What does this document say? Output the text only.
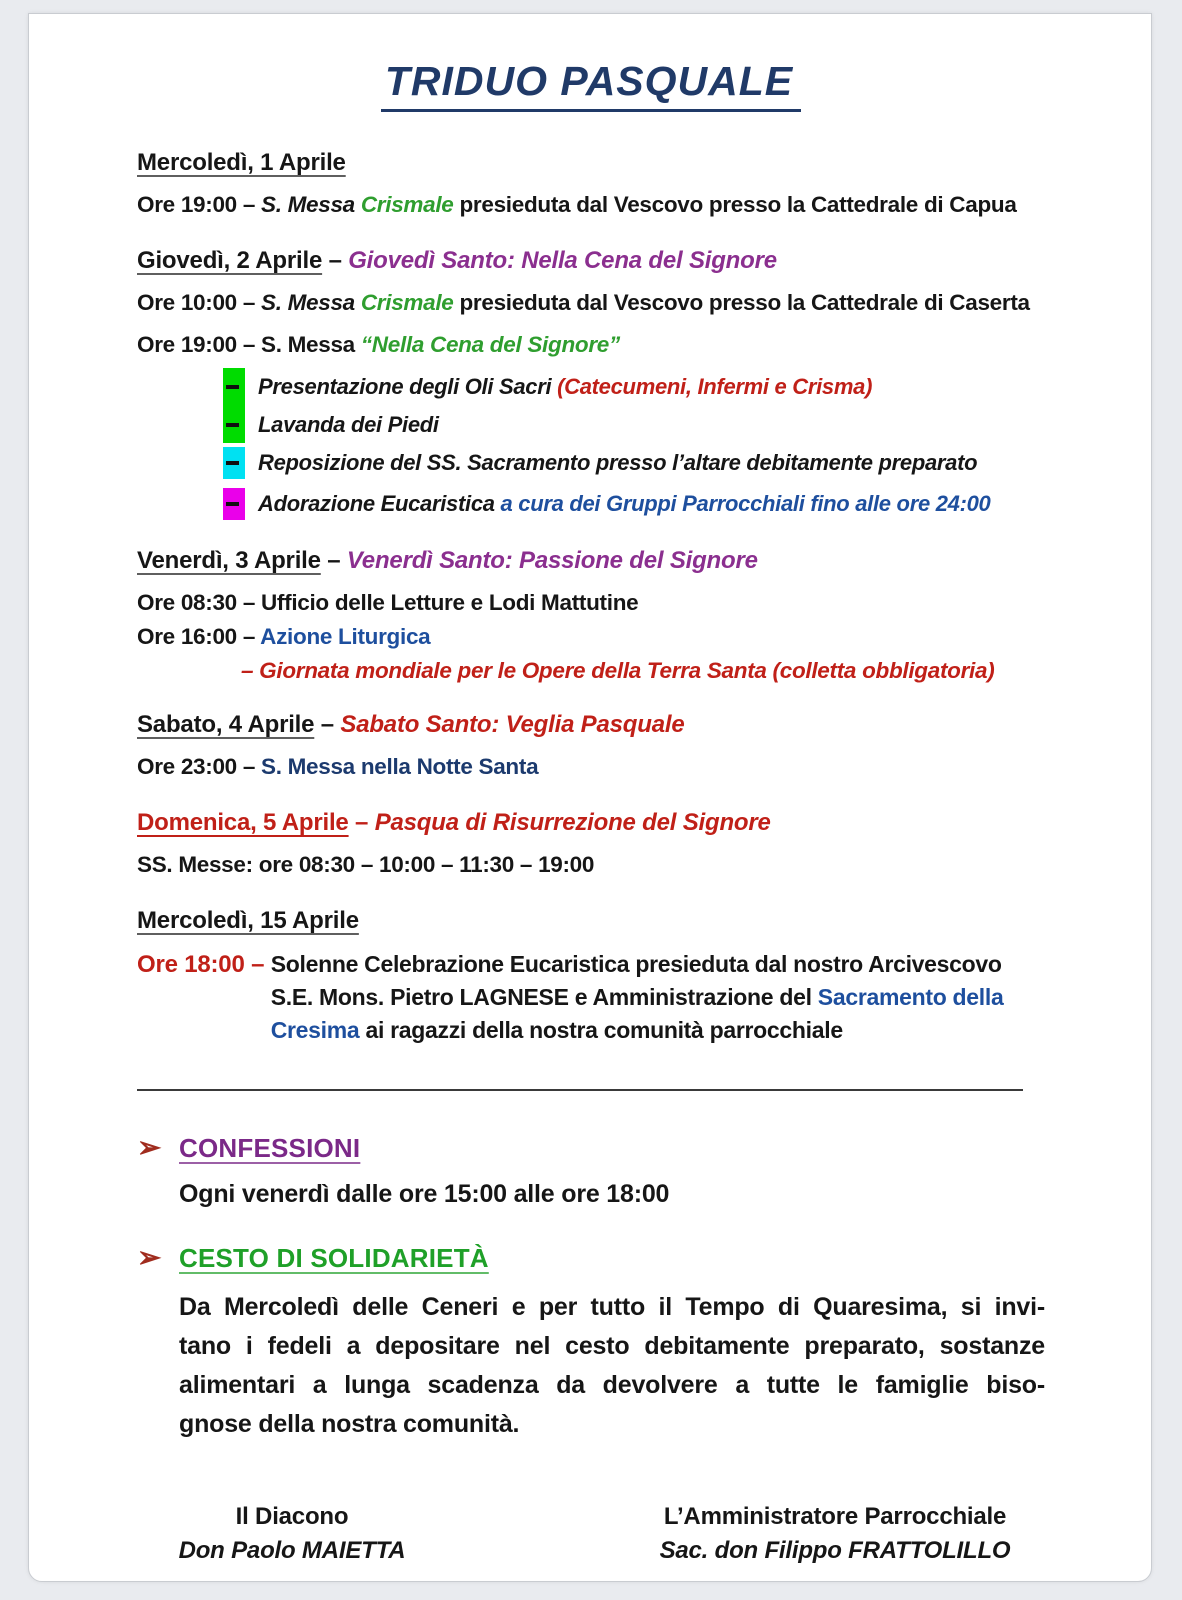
TRIDUO PASQUALE
Mercoledì, 1 Aprile
Ore 19:00 – S. Messa Crismale presieduta dal Vescovo presso la Cattedrale di Capua
Giovedì, 2 Aprile – Giovedì Santo: Nella Cena del Signore
Ore 10:00 – S. Messa Crismale presieduta dal Vescovo presso la Cattedrale di Caserta
Ore 19:00 – S. Messa “Nella Cena del Signore”
Presentazione degli Oli Sacri (Catecumeni, Infermi e Crisma)
Lavanda dei Piedi
Reposizione del SS. Sacramento presso l’altare debitamente preparato
Adorazione Eucaristica a cura dei Gruppi Parrocchiali fino alle ore 24:00
Venerdì, 3 Aprile – Venerdì Santo: Passione del Signore
Ore 08:30 – Ufficio delle Letture e Lodi Mattutine
Ore 16:00 – Azione Liturgica
– Giornata mondiale per le Opere della Terra Santa (colletta obbligatoria)
Sabato, 4 Aprile – Sabato Santo: Veglia Pasquale
Ore 23:00 – S. Messa nella Notte Santa
Domenica, 5 Aprile – Pasqua di Risurrezione del Signore
SS. Messe: ore 08:30 – 10:00 – 11:30 – 19:00
Mercoledì, 15 Aprile
Ore 18:00 – Solenne Celebrazione Eucaristica presieduta dal nostro Arcivescovo
S.E. Mons. Pietro LAGNESE e Amministrazione del Sacramento della
Cresima ai ragazzi della nostra comunità parrocchiale
➢ CONFESSIONI
Ogni venerdì dalle ore 15:00 alle ore 18:00
➢ CESTO DI SOLIDARIETÀ
Da Mercoledì delle Ceneri e per tutto il Tempo di Quaresima, si invi-
tano i fedeli a depositare nel cesto debitamente preparato, sostanze
alimentari a lunga scadenza da devolvere a tutte le famiglie biso-
gnose della nostra comunità.
Il Diacono
Don Paolo MAIETTA
L’Amministratore Parrocchiale
Sac. don Filippo FRATTOLILLO
